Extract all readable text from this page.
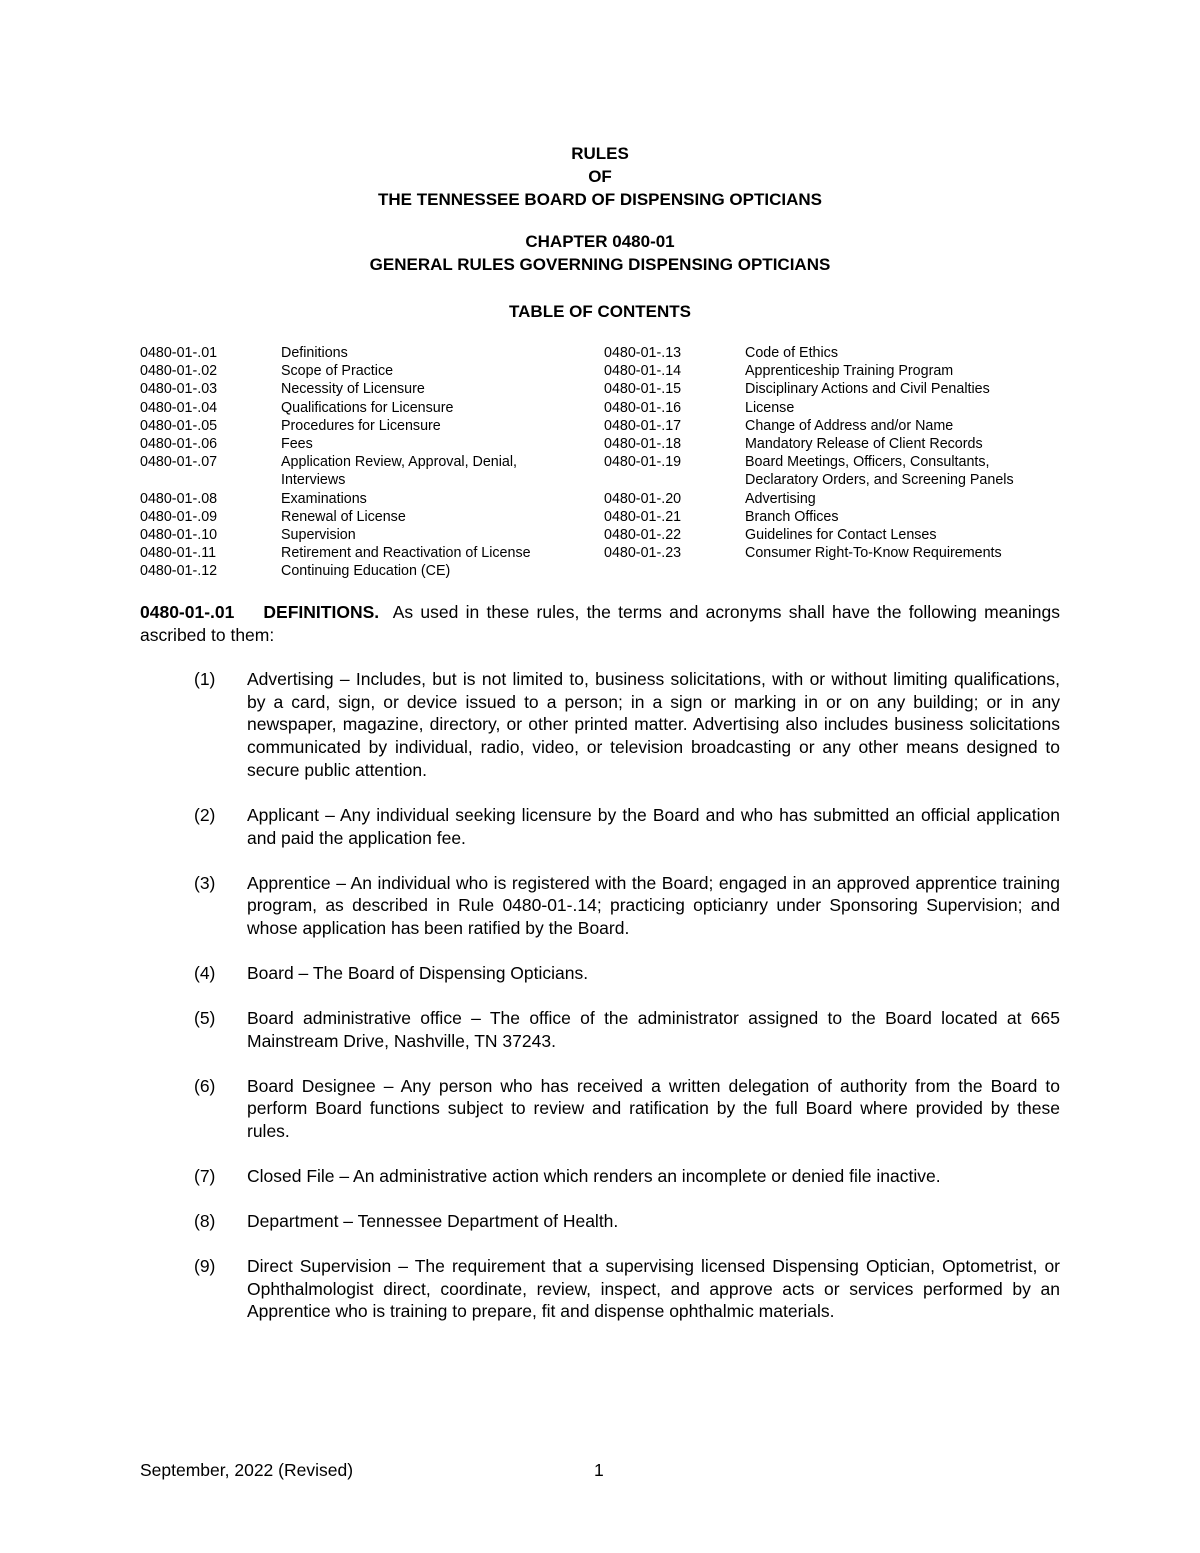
RULES
OF
THE TENNESSEE BOARD OF DISPENSING OPTICIANS
CHAPTER 0480-01
GENERAL RULES GOVERNING DISPENSING OPTICIANS
TABLE OF CONTENTS
0480-01-.01	Definitions
0480-01-.02	Scope of Practice
0480-01-.03	Necessity of Licensure
0480-01-.04	Qualifications for Licensure
0480-01-.05	Procedures for Licensure
0480-01-.06	Fees
0480-01-.07	Application Review, Approval, Denial, Interviews
0480-01-.08	Examinations
0480-01-.09	Renewal of License
0480-01-.10	Supervision
0480-01-.11	Retirement and Reactivation of License
0480-01-.12	Continuing Education (CE)
0480-01-.13	Code of Ethics
0480-01-.14	Apprenticeship Training Program
0480-01-.15	Disciplinary Actions and Civil Penalties
0480-01-.16	License
0480-01-.17	Change of Address and/or Name
0480-01-.18	Mandatory Release of Client Records
0480-01-.19	Board Meetings, Officers, Consultants, Declaratory Orders, and Screening Panels
0480-01-.20	Advertising
0480-01-.21	Branch Offices
0480-01-.22	Guidelines for Contact Lenses
0480-01-.23	Consumer Right-To-Know Requirements
0480-01-.01 DEFINITIONS. As used in these rules, the terms and acronyms shall have the following meanings ascribed to them:
(1)	Advertising – Includes, but is not limited to, business solicitations, with or without limiting qualifications, by a card, sign, or device issued to a person; in a sign or marking in or on any building; or in any newspaper, magazine, directory, or other printed matter. Advertising also includes business solicitations communicated by individual, radio, video, or television broadcasting or any other means designed to secure public attention.
(2)	Applicant – Any individual seeking licensure by the Board and who has submitted an official application and paid the application fee.
(3)	Apprentice – An individual who is registered with the Board; engaged in an approved apprentice training program, as described in Rule 0480-01-.14; practicing opticianry under Sponsoring Supervision; and whose application has been ratified by the Board.
(4)	Board – The Board of Dispensing Opticians.
(5)	Board administrative office – The office of the administrator assigned to the Board located at 665 Mainstream Drive, Nashville, TN 37243.
(6)	Board Designee – Any person who has received a written delegation of authority from the Board to perform Board functions subject to review and ratification by the full Board where provided by these rules.
(7)	Closed File – An administrative action which renders an incomplete or denied file inactive.
(8)	Department – Tennessee Department of Health.
(9)	Direct Supervision – The requirement that a supervising licensed Dispensing Optician, Optometrist, or Ophthalmologist direct, coordinate, review, inspect, and approve acts or services performed by an Apprentice who is training to prepare, fit and dispense ophthalmic materials.
September, 2022 (Revised)	1
